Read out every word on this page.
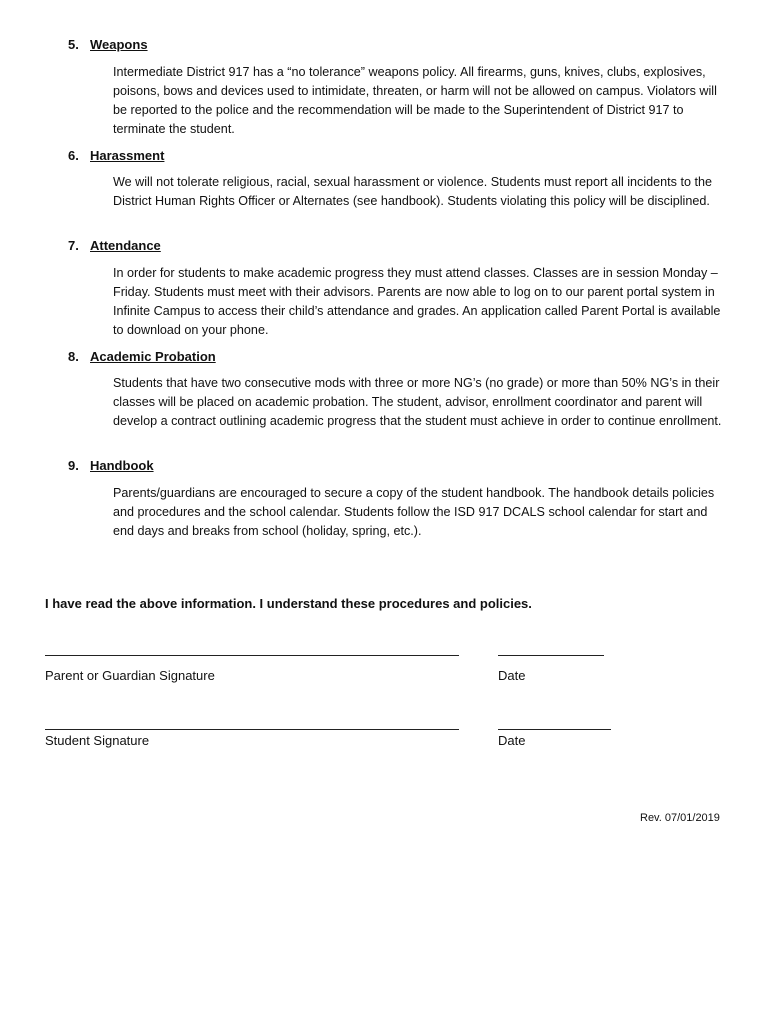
5. Weapons
Intermediate District 917 has a “no tolerance” weapons policy. All firearms, guns, knives, clubs, explosives, poisons, bows and devices used to intimidate, threaten, or harm will not be allowed on campus. Violators will be reported to the police and the recommendation will be made to the Superintendent of District 917 to terminate the student.
6. Harassment
We will not tolerate religious, racial, sexual harassment or violence. Students must report all incidents to the District Human Rights Officer or Alternates (see handbook). Students violating this policy will be disciplined.
7. Attendance
In order for students to make academic progress they must attend classes. Classes are in session Monday – Friday. Students must meet with their advisors. Parents are now able to log on to our parent portal system in Infinite Campus to access their child’s attendance and grades. An application called Parent Portal is available to download on your phone.
8. Academic Probation
Students that have two consecutive mods with three or more NG’s (no grade) or more than 50% NG’s in their classes will be placed on academic probation. The student, advisor, enrollment coordinator and parent will develop a contract outlining academic progress that the student must achieve in order to continue enrollment.
9. Handbook
Parents/guardians are encouraged to secure a copy of the student handbook. The handbook details policies and procedures and the school calendar. Students follow the ISD 917 DCALS school calendar for start and end days and breaks from school (holiday, spring, etc.).
I have read the above information. I understand these procedures and policies.
Parent or Guardian Signature	Date
Student Signature	Date
Rev. 07/01/2019
